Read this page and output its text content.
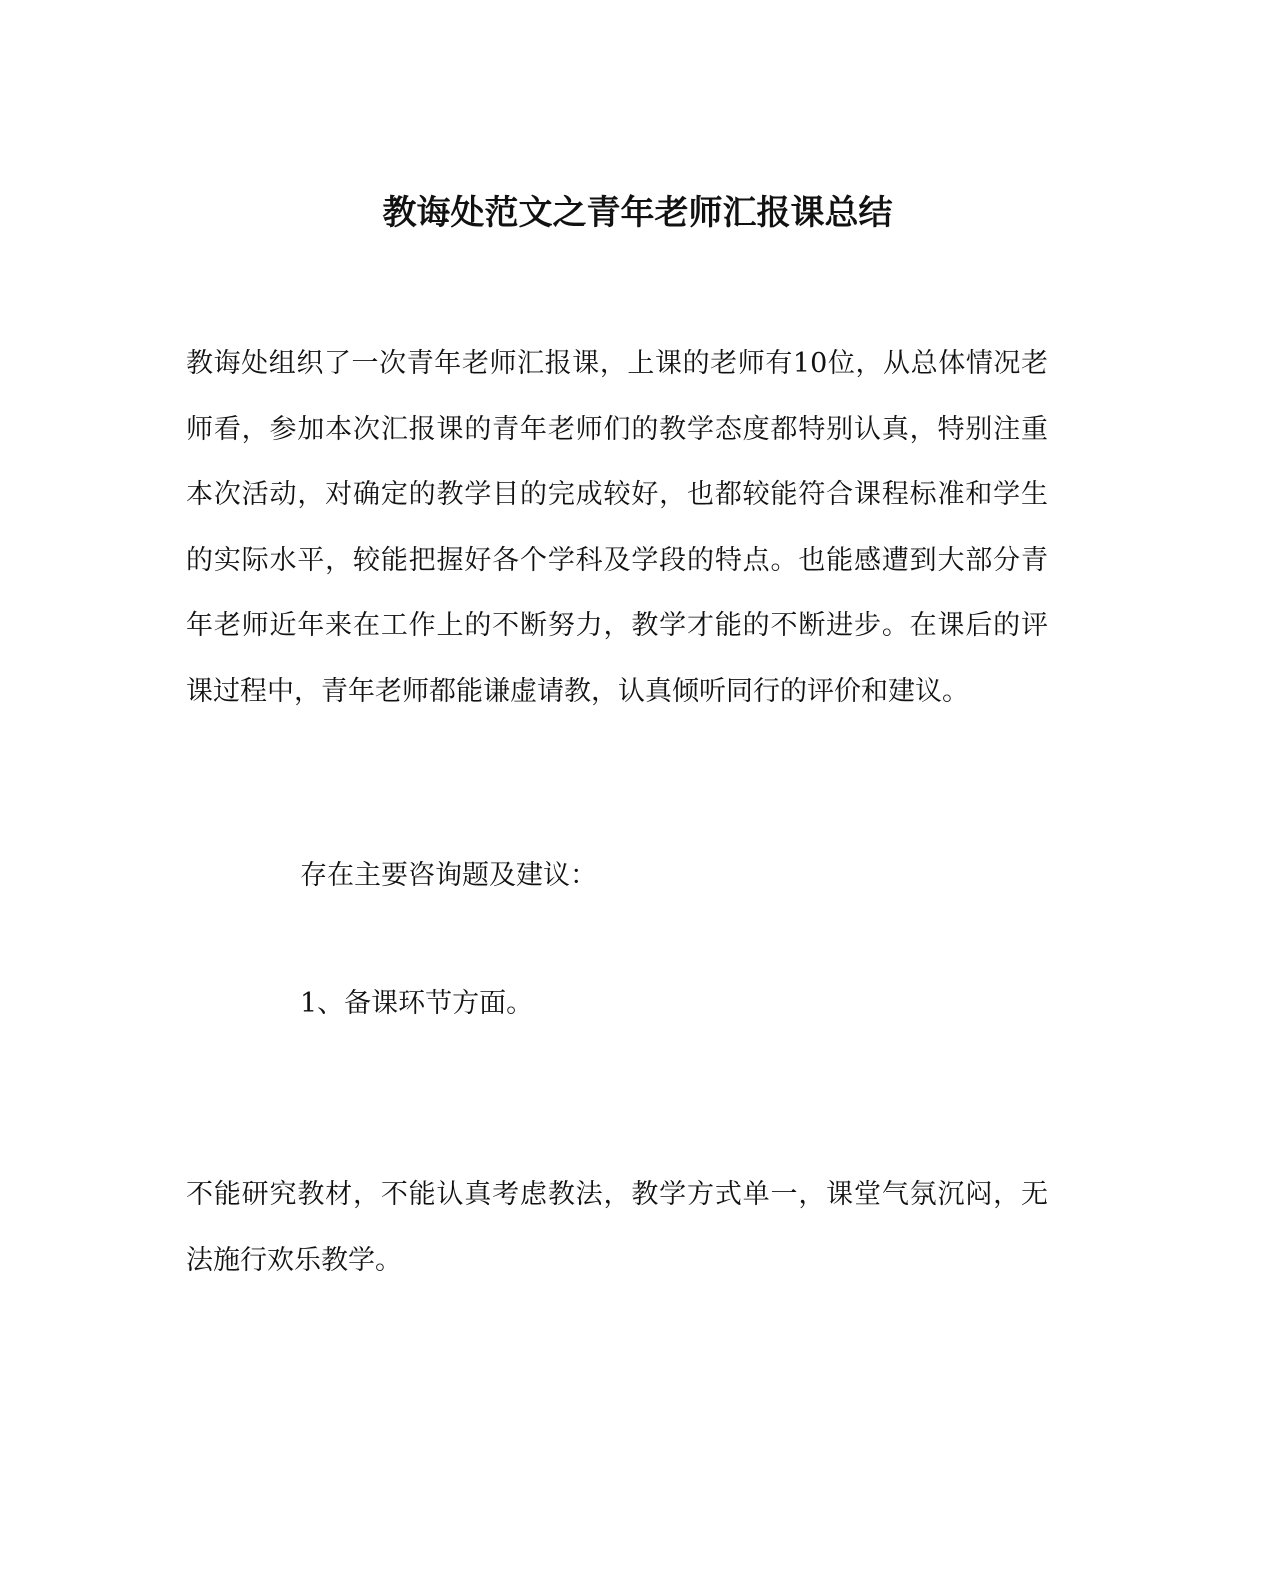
教诲处范文之青年老师汇报课总结

教诲处组织了一次青年老师汇报课，上课的老师有10位，从总体情况老师看，参加本次汇报课的青年老师们的教学态度都特别认真，特别注重本次活动，对确定的教学目的完成较好，也都较能符合课程标准和学生的实际水平，较能把握好各个学科及学段的特点。也能感遭到大部分青年老师近年来在工作上的不断努力，教学才能的不断进步。在课后的评课过程中，青年老师都能谦虚请教，认真倾听同行的评价和建议。

存在主要咨询题及建议：

1、备课环节方面。

不能研究教材，不能认真考虑教法，教学方式单一，课堂气氛沉闷，无法施行欢乐教学。
